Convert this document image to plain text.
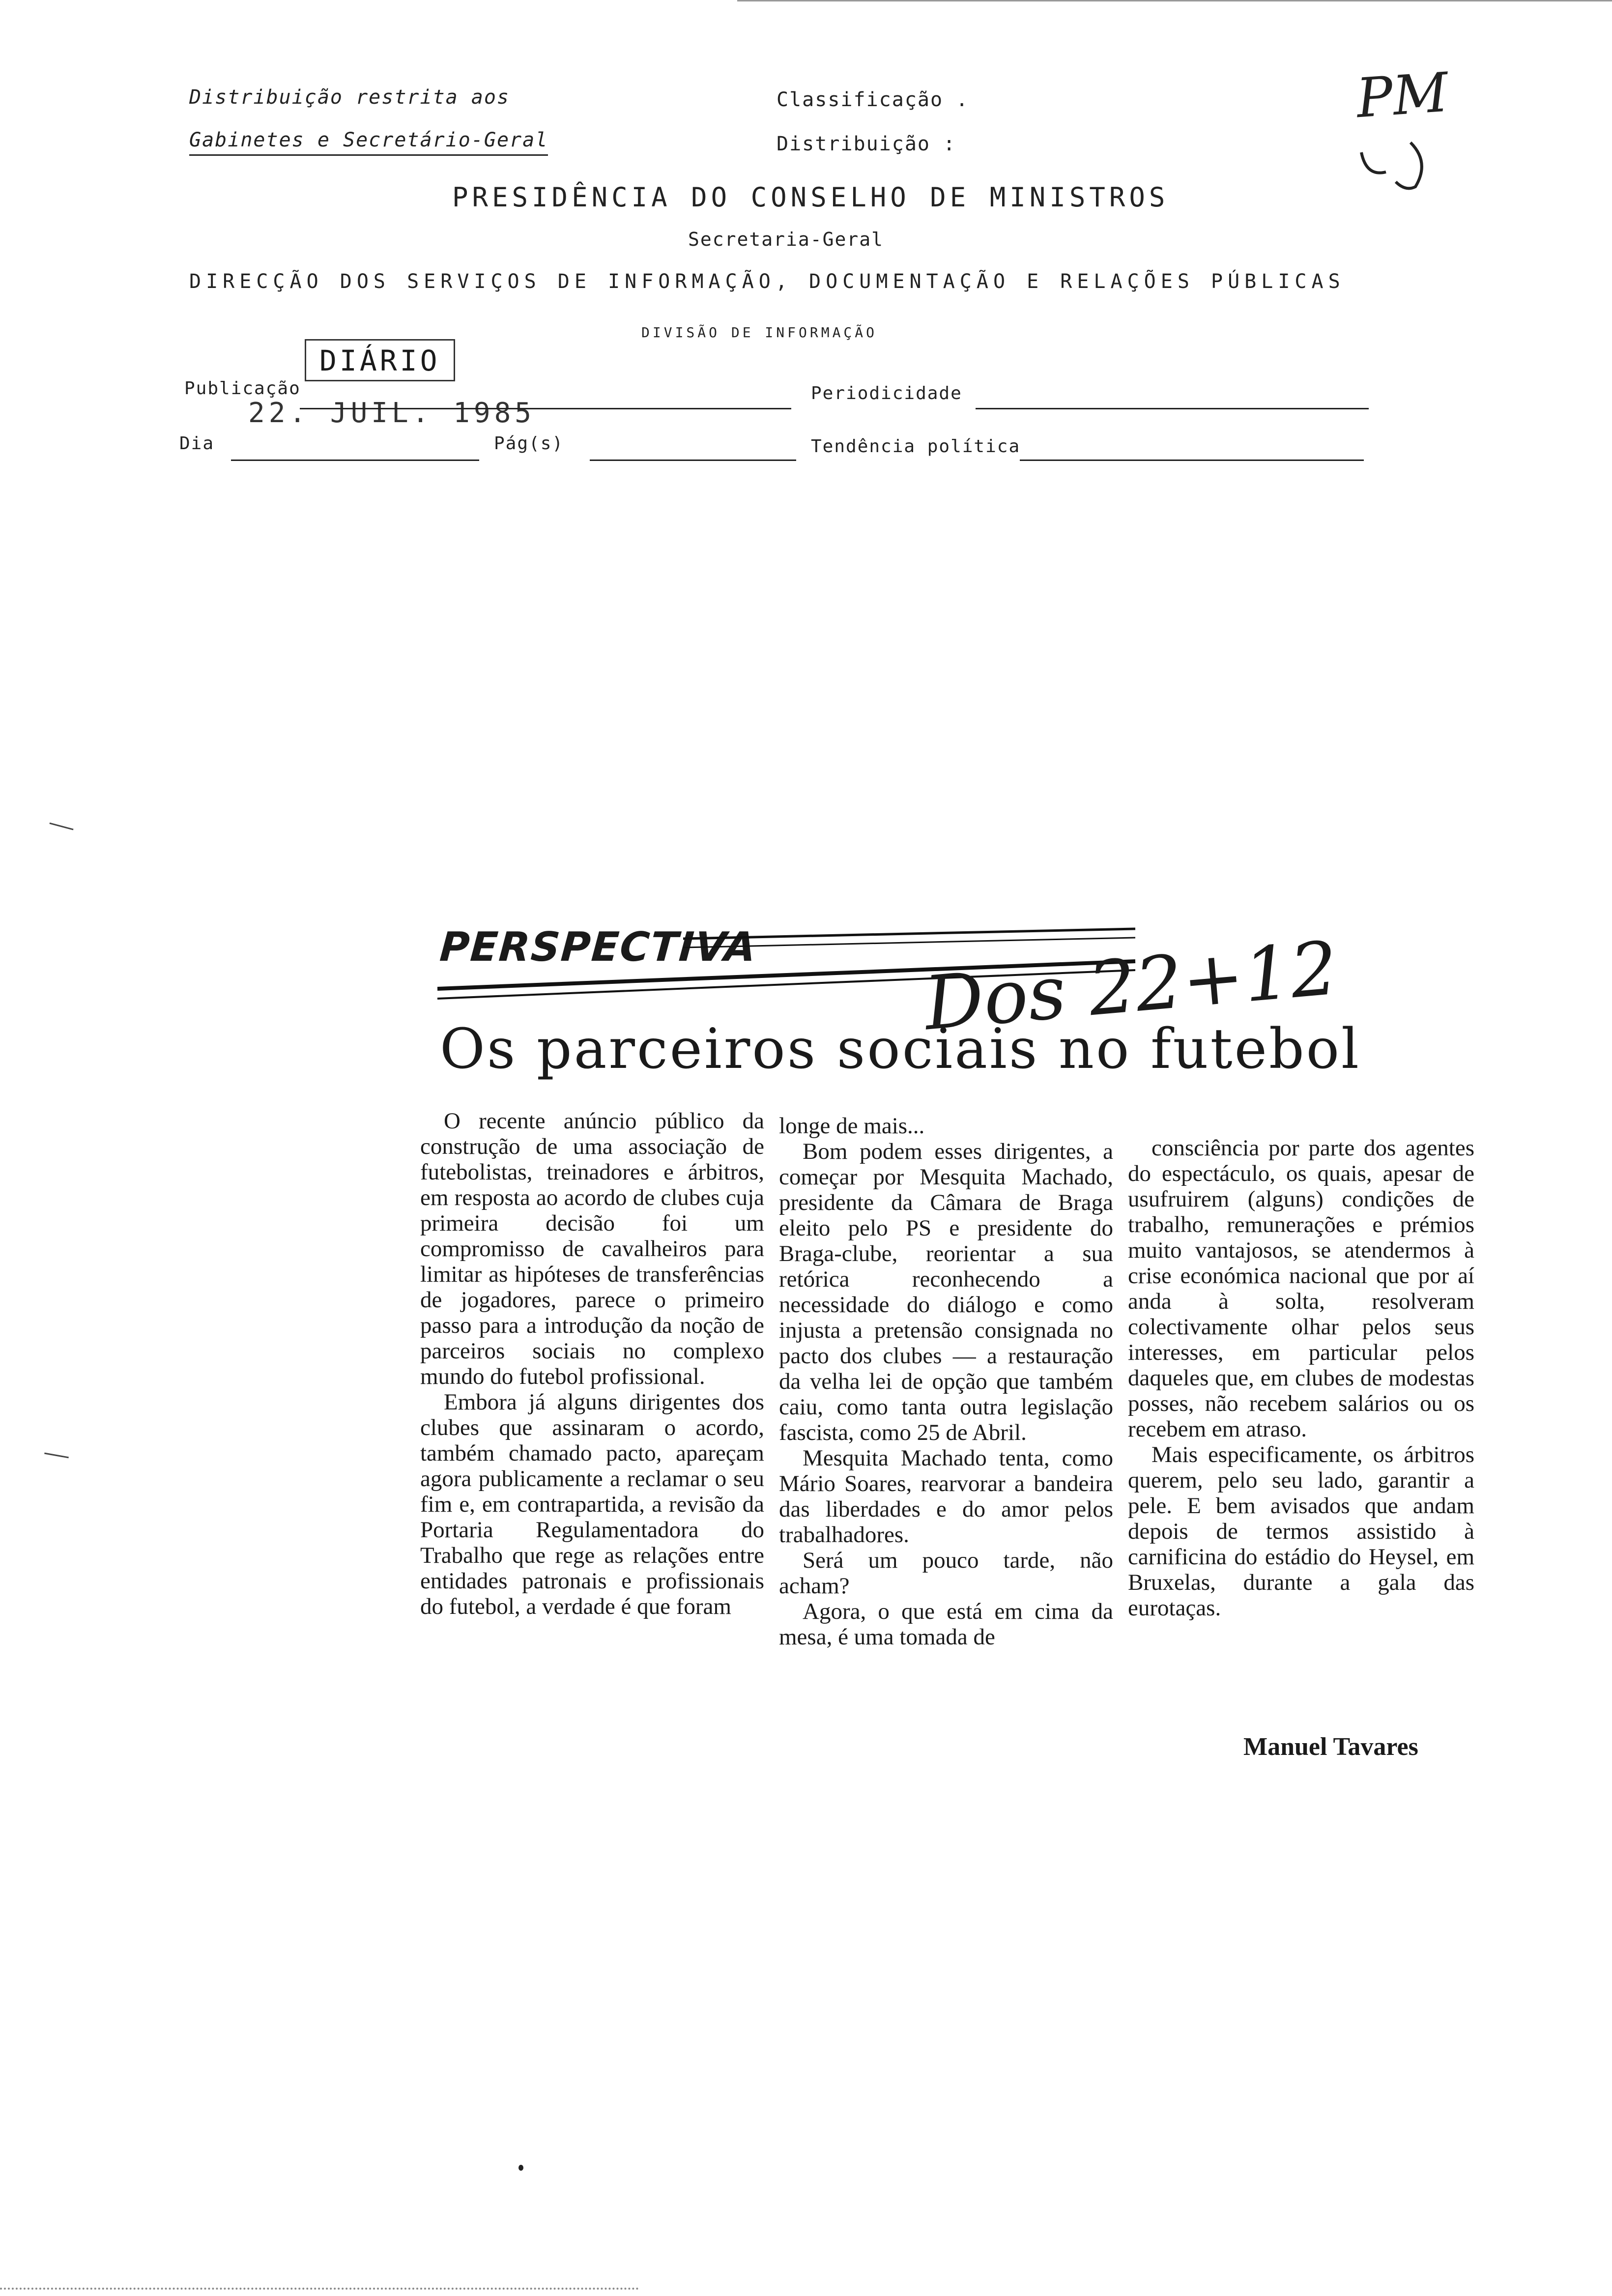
Distribuição restrita aos
Gabinetes e Secretário-Geral
Classificação .
Distribuição :
PM
PRESIDÊNCIA DO CONSELHO DE MINISTROS
Secretaria-Geral
DIRECÇÃO DOS SERVIÇOS DE INFORMAÇÃO, DOCUMENTAÇÃO E RELAÇÕES PÚBLICAS
DIVISÃO DE INFORMAÇÃO
DIÁRIO
22. JUIL. 1985
Publicação	Periodicidade
Dia	Pág(s)	Tendência política
PERSPECTIVA
Os parceiros sociais no futebol
Dos 22+12

O recente anúncio público da construção de uma associação de futebolistas, treinadores e árbitros, em resposta ao acordo de clubes cuja primeira decisão foi um compromisso de cavalheiros para limitar as hipóteses de transferências de jogadores, parece o primeiro passo para a introdução da noção de parceiros sociais no complexo mundo do futebol profissional.

Embora já alguns dirigentes dos clubes que assinaram o acordo, também chamado pacto, apareçam agora publicamente a reclamar o seu fim e, em contrapartida, a revisão da Portaria Regulamentadora do Trabalho que rege as relações entre entidades patronais e profissionais do futebol, a verdade é que foram

longe de mais...

Bom podem esses dirigentes, a começar por Mesquita Machado, presidente da Câmara de Braga eleito pelo PS e presidente do Braga-clube, reorientar a sua retórica reconhecendo a necessidade do diálogo e como injusta a pretensão consignada no pacto dos clubes — a restauração da velha lei de opção que também caiu, como tanta outra legislação fascista, como 25 de Abril.

Mesquita Machado tenta, como Mário Soares, rearvorar a bandeira das liberdades e do amor pelos trabalhadores.

Será um pouco tarde, não acham?

Agora, o que está em cima da mesa, é uma tomada de

consciência por parte dos agentes do espectáculo, os quais, apesar de usufruirem (alguns) condições de trabalho, remunerações e prémios muito vantajosos, se atendermos à crise económica nacional que por aí anda à solta, resolveram colectivamente olhar pelos seus interesses, em particular pelos daqueles que, em clubes de modestas posses, não recebem salários ou os recebem em atraso.

Mais especificamente, os árbitros querem, pelo seu lado, garantir a pele. E bem avisados que andam depois de termos assistido à carnificina do estádio do Heysel, em Bruxelas, durante a gala das eurotaças.

Manuel Tavares
